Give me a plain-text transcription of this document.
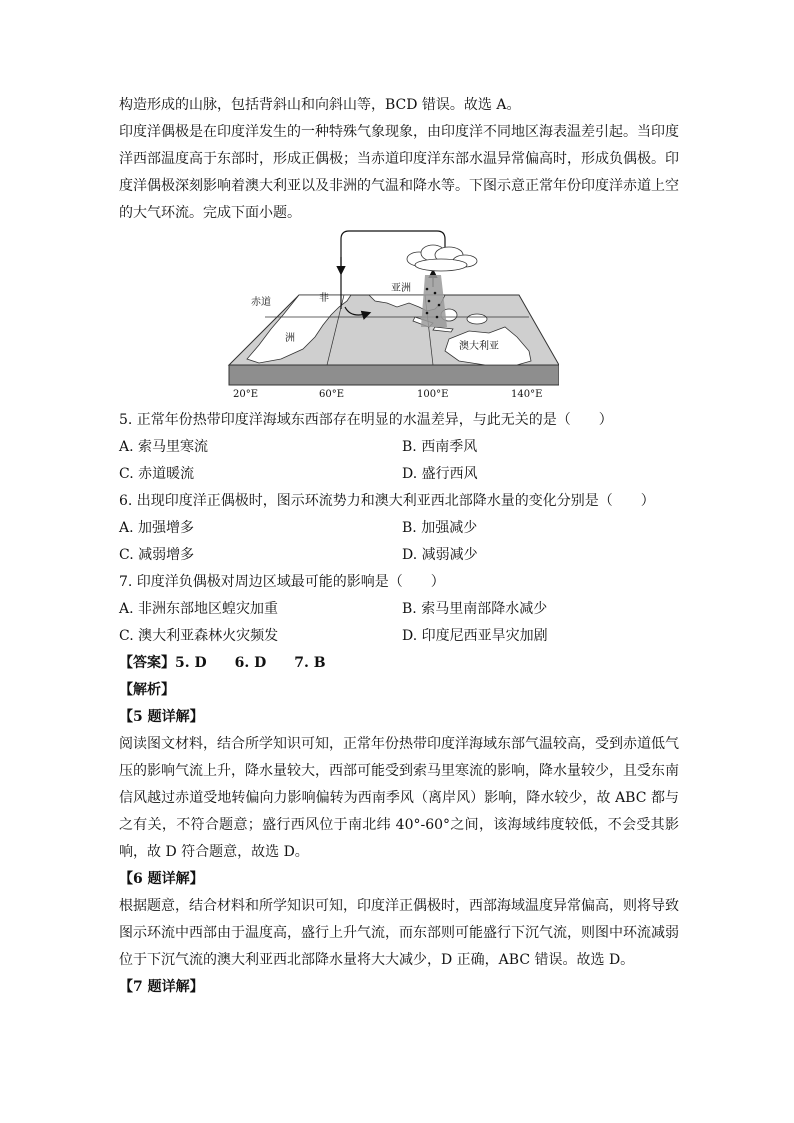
构造形成的山脉，包括背斜山和向斜山等，BCD 错误。故选 A。

印度洋偶极是在印度洋发生的一种特殊气象现象，由印度洋不同地区海表温差引起。当印度洋西部温度高于东部时，形成正偶极；当赤道印度洋东部水温异常偏高时，形成负偶极。印度洋偶极深刻影响着澳大利亚以及非洲的气温和降水等。下图示意正常年份印度洋赤道上空的大气环流。完成下面小题。

赤道	非
洲
亚洲
澳大利亚
20°E	60°E	100°E	140°E

5. 正常年份热带印度洋海域东西部存在明显的水温差异，与此无关的是（　　）

A. 索马里寒流	B. 西南季风
C. 赤道暖流	D. 盛行西风

6. 出现印度洋正偶极时，图示环流势力和澳大利亚西北部降水量的变化分别是（　　）

A. 加强增多	B. 加强减少
C. 减弱增多	D. 减弱减少

7. 印度洋负偶极对周边区域最可能的影响是（　　）

A. 非洲东部地区蝗灾加重	B. 索马里南部降水减少
C. 澳大利亚森林火灾频发	D. 印度尼西亚旱灾加剧

【答案】5. D　　6. D　　7. B

【解析】

【5 题详解】

阅读图文材料，结合所学知识可知，正常年份热带印度洋海域东部气温较高，受到赤道低气压的影响气流上升，降水量较大，西部可能受到索马里寒流的影响，降水量较少，且受东南信风越过赤道受地转偏向力影响偏转为西南季风（离岸风）影响，降水较少，故 ABC 都与之有关，不符合题意；盛行西风位于南北纬 40°-60°之间，该海域纬度较低，不会受其影响，故 D 符合题意，故选 D。

【6 题详解】

根据题意，结合材料和所学知识可知，印度洋正偶极时，西部海域温度异常偏高，则将导致图示环流中西部由于温度高，盛行上升气流，而东部则可能盛行下沉气流，则图中环流减弱位于下沉气流的澳大利亚西北部降水量将大大减少，D 正确，ABC 错误。故选 D。

【7 题详解】
